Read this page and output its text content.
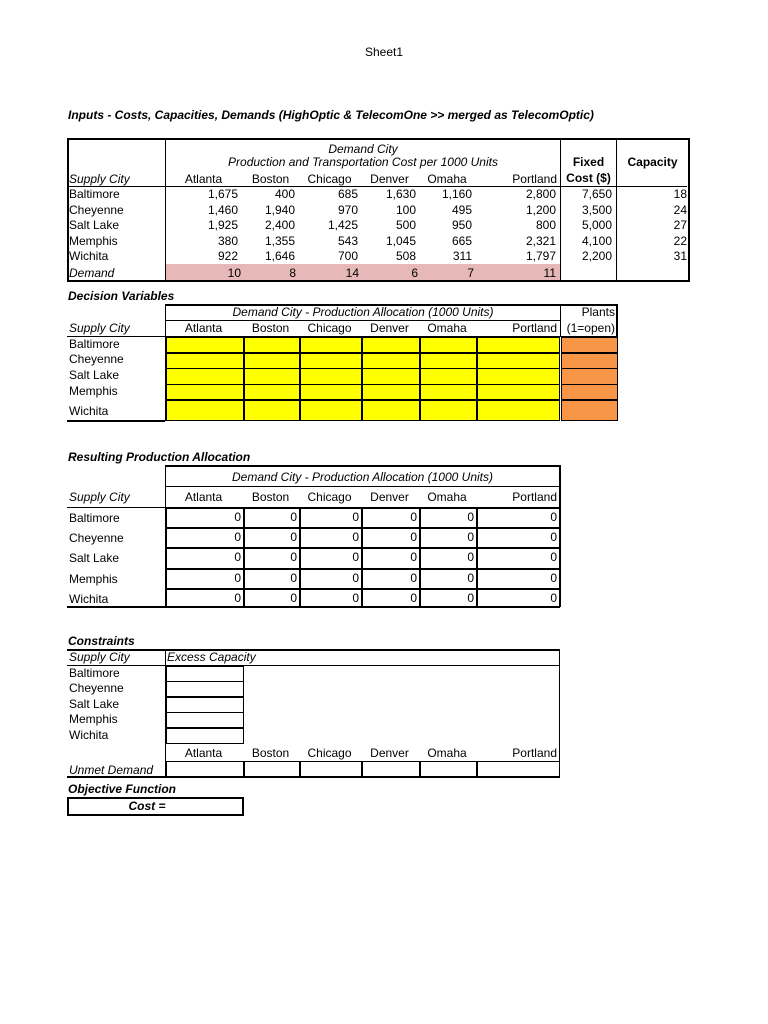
Sheet1
Inputs - Costs, Capacities, Demands (HighOptic & TelecomOne >> merged as TelecomOptic)
Demand City
Production and Transportation Cost per 1000 Units	Fixed
Cost ($)
Capacity
Supply City	Atlanta	Boston	Chicago	Denver	Omaha	Portland
Baltimore	1,675	400	685	1,630	1,160	2,800	7,650	18
Cheyenne	1,460	1,940	970	100	495	1,200	3,500	24
Salt Lake	1,925	2,400	1,425	500	950	800	5,000	27
Memphis	380	1,355	543	1,045	665	2,321	4,100	22
Wichita	922	1,646	700	508	311	1,797	2,200	31
Demand	10	8	14	6	7	11
Decision Variables
Demand City - Production Allocation (1000 Units)	Plants
(1=open)
Supply City	Atlanta	Boston	Chicago	Denver	Omaha	Portland
Baltimore
Cheyenne
Salt Lake
Memphis
Wichita
Resulting Production Allocation
Demand City - Production Allocation (1000 Units)
Supply City	Atlanta	Boston	Chicago	Denver	Omaha	Portland
Baltimore	0	0	0	0	0	0
Cheyenne	0	0	0	0	0	0
Salt Lake	0	0	0	0	0	0
Memphis	0	0	0	0	0	0
Wichita	0	0	0	0	0	0
Constraints
Supply City	Excess Capacity
Baltimore
Cheyenne
Salt Lake
Memphis
Wichita
Atlanta	Boston	Chicago	Denver	Omaha	Portland
Unmet Demand
Objective Function
Cost =
